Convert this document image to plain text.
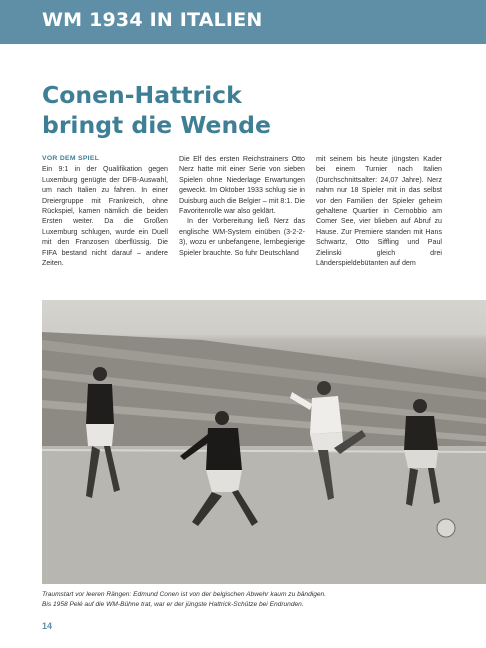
WM 1934 IN ITALIEN
Conen-Hattrick
bringt die Wende
VOR DEM SPIEL

Ein 9:1 in der Qualifikation gegen Luxemburg genügte der DFB-Auswahl, um nach Italien zu fahren. In einer Dreiergruppe mit Frankreich, ohne Rückspiel, kamen nämlich die beiden Ersten weiter. Da die Großen Luxemburg schlugen, wurde ein Duell mit den Franzosen überflüssig. Die FIFA bestand nicht darauf – andere Zeiten.

Die Elf des ersten Reichstrainers Otto Nerz hatte mit einer Serie von sieben Spielen ohne Niederlage Erwartungen geweckt. Im Oktober 1933 schlug sie in Duisburg auch die Belgier – mit 8:1. Die Favoritenrolle war also geklärt.

In der Vorbereitung ließ Nerz das englische WM-System einüben (3-2-2-3), wozu er unbefangene, lernbegierige Spieler brauchte. So fuhr Deutschland

mit seinem bis heute jüngsten Kader bei einem Turnier nach Italien (Durchschnittsalter: 24,07 Jahre). Nerz nahm nur 18 Spieler mit in das selbst vor den Familien der Spieler geheim gehaltene Quartier in Cernobbio am Comer See, vier blieben auf Abruf zu Hause. Zur Premiere standen mit Hans Schwartz, Otto Siffling und Paul Zielinski gleich drei Länderspieldebütanten auf dem

Traumstart vor leeren Rängen: Edmund Conen ist von der belgischen Abwehr kaum zu bändigen.
Bis 1958 Pelé auf die WM-Bühne trat, war er der jüngste Hattrick-Schütze bei Endrunden.
14
